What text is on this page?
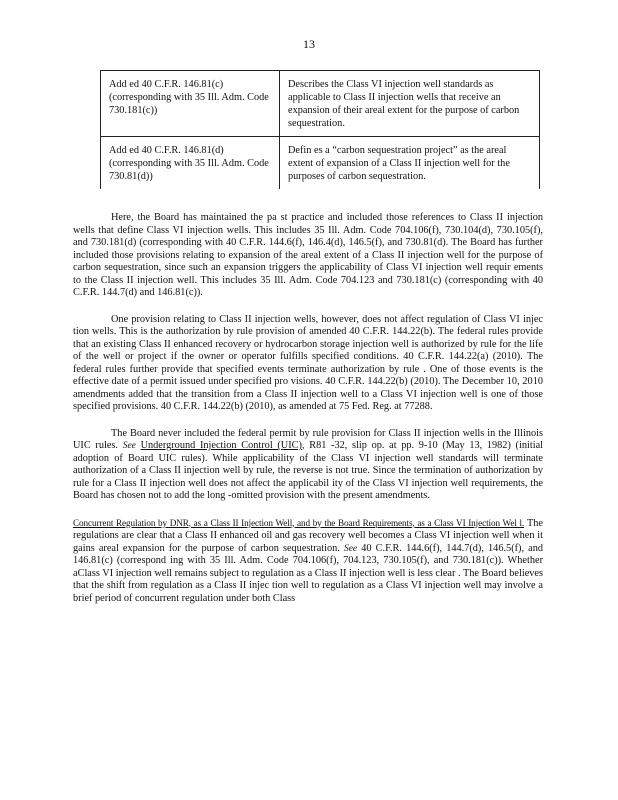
13
Add ed 40 C.F.R. 146.81(c) (corresponding with 35 Ill. Adm. Code 730.181(c))	Describes the Class VI injection well standards as applicable to Class II injection wells that receive an expansion of their areal extent for the purpose of carbon sequestration.
Add ed 40 C.F.R. 146.81(d) (corresponding with 35 Ill. Adm. Code 730.81(d))	Defin es a “carbon sequestration project” as the areal extent of expansion of a Class II injection well for the purposes of carbon sequestration.

Here, the Board has maintained the pa st practice and included those references to Class II injection wells that define Class VI injection wells. This includes 35 Ill. Adm. Code 704.106(f), 730.104(d), 730.105(f), and 730.181(d) (corresponding with 40 C.F.R. 144.6(f), 146.4(d), 146.5(f), and 730.81(d). The Board has further included those provisions relating to expansion of the areal extent of a Class II injection well for the purpose of carbon sequestration, since such an expansion triggers the applicability of Class VI injection well requir ements to the Class II injection well. This includes 35 Ill. Adm. Code 704.123 and 730.181(c) (corresponding with 40 C.F.R. 144.7(d) and 146.81(c)).

One provision relating to Class II injection wells, however, does not affect regulation of Class VI injec tion wells. This is the authorization by rule provision of amended 40 C.F.R. 144.22(b). The federal rules provide that an existing Class II enhanced recovery or hydrocarbon storage injection well is authorized by rule for the life of the well or project if the owner or operator fulfills specified conditions. 40 C.F.R. 144.22(a) (2010). The federal rules further provide that specified events terminate authorization by rule . One of those events is the effective date of a permit issued under specified pro visions. 40 C.F.R. 144.22(b) (2010). The December 10, 2010 amendments added that the transition from a Class II injection well to a Class VI injection well is one of those specified provisions. 40 C.F.R. 144.22(b) (2010), as amended at 75 Fed. Reg. at 77288.

The Board never included the federal permit by rule provision for Class II injection wells in the Illinois UIC rules. See Underground Injection Control (UIC), R81 -32, slip op. at pp. 9-10 (May 13, 1982) (initial adoption of Board UIC rules). While applicability of the Class VI injection well standards will terminate authorization of a Class II injection well by rule, the reverse is not true. Since the termination of authorization by rule for a Class II injection well does not affect the applicabil ity of the Class VI injection well requirements, the Board has chosen not to add the long -omitted provision with the present amendments.

Concurrent Regulation by DNR, as a Class II Injection Well, and by the Board Requirements, as a Class VI Injection Wel l. The regulations are clear that a Class II enhanced oil and gas recovery well becomes a Class VI injection well when it gains areal expansion for the purpose of carbon sequestration. See 40 C.F.R. 144.6(f), 144.7(d), 146.5(f), and 146.81(c) (correspond ing with 35 Ill. Adm. Code 704.106(f), 704.123, 730.105(f), and 730.181(c)). Whether aClass VI injection well remains subject to regulation as a Class II injection well is less clear . The Board believes that the shift from regulation as a Class II injec tion well to regulation as a Class VI injection well may involve a brief period of concurrent regulation under both Class
